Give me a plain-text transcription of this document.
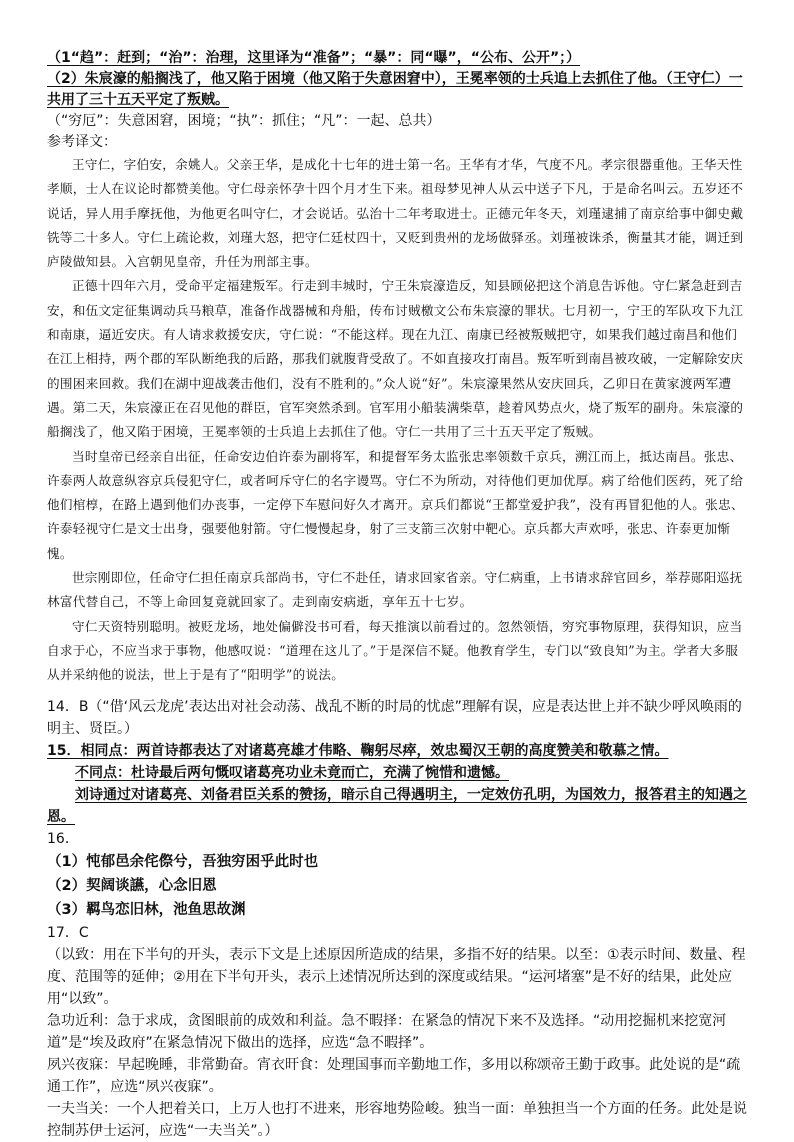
（1“趋”：赶到；“治”：治理，这里译为“准备”；“暴”：同“曝”，“公布、公开”；）

（2）朱宸濠的船搁浅了，他又陷于困境（他又陷于失意困窘中），王冕率领的士兵追上去抓住了他。（王守仁）一共用了三十五天平定了叛贼。

（“穷厄”：失意困窘，困境；“执”：抓住；“凡”：一起、总共）

参考译文：

王守仁，字伯安，余姚人。父亲王华，是成化十七年的进士第一名。王华有才华，气度不凡。孝宗很器重他。王华天性孝顺，士人在议论时都赞美他。守仁母亲怀孕十四个月才生下来。祖母梦见神人从云中送子下凡，于是命名叫云。五岁还不说话，异人用手摩抚他，为他更名叫守仁，才会说话。弘治十二年考取进士。正德元年冬天，刘瑾逮捕了南京给事中御史戴铣等二十多人。守仁上疏论救，刘瑾大怒，把守仁廷杖四十，又贬到贵州的龙场做驿丞。刘瑾被诛杀，衡量其才能，调迁到庐陵做知县。入宫朝见皇帝，升任为刑部主事。

正德十四年六月，受命平定福建叛军。行走到丰城时，宁王朱宸濠造反，知县顾佖把这个消息告诉他。守仁紧急赶到吉安，和伍文定征集调动兵马粮草，准备作战器械和舟船，传布讨贼檄文公布朱宸濠的罪状。七月初一，宁王的军队攻下九江和南康，逼近安庆。有人请求救援安庆，守仁说：“不能这样。现在九江、南康已经被叛贼把守，如果我们越过南昌和他们在江上相持，两个郡的军队断绝我的后路，那我们就腹背受敌了。不如直接攻打南昌。叛军听到南昌被攻破，一定解除安庆的围困来回救。我们在湖中迎战袭击他们，没有不胜利的。”众人说“好”。朱宸濠果然从安庆回兵，乙卯日在黄家渡两军遭遇。第二天，朱宸濠正在召见他的群臣，官军突然杀到。官军用小船装满柴草，趁着风势点火，烧了叛军的副舟。朱宸濠的船搁浅了，他又陷于困境，王冕率领的士兵追上去抓住了他。守仁一共用了三十五天平定了叛贼。

当时皇帝已经亲自出征，任命安边伯许泰为副将军，和提督军务太监张忠率领数千京兵，溯江而上，抵达南昌。张忠、许泰两人故意纵容京兵侵犯守仁，或者呵斥守仁的名字谩骂。守仁不为所动，对待他们更加优厚。病了给他们医药，死了给他们棺椁，在路上遇到他们办丧事，一定停下车慰问好久才离开。京兵们都说“王都堂爱护我”，没有再冒犯他的人。张忠、许泰轻视守仁是文士出身，强要他射箭。守仁慢慢起身，射了三支箭三次射中靶心。京兵都大声欢呼，张忠、许泰更加惭愧。

世宗刚即位，任命守仁担任南京兵部尚书，守仁不赴任，请求回家省亲。守仁病重，上书请求辞官回乡，举荐郧阳巡抚林富代替自己，不等上命回复竟就回家了。走到南安病逝，享年五十七岁。

守仁天资特别聪明。被贬龙场，地处偏僻没书可看，每天推演以前看过的。忽然领悟，穷究事物原理，获得知识，应当自求于心，不应当求于事物，他感叹说：“道理在这儿了。”于是深信不疑。他教育学生，专门以“致良知”为主。学者大多服从并采纳他的说法，世上于是有了“阳明学”的说法。

14．B（“借‘风云龙虎’表达出对社会动荡、战乱不断的时局的忧虑”理解有误，应是表达世上并不缺少呼风唤雨的明主、贤臣。）

15．相同点：两首诗都表达了对诸葛亮雄才伟略、鞠躬尽瘁，效忠蜀汉王朝的高度赞美和敬慕之情。

不同点：杜诗最后两句慨叹诸葛亮功业未竟而亡，充满了惋惜和遗憾。

刘诗通过对诸葛亮、刘备君臣关系的赞扬，暗示自己得遇明主，一定效仿孔明，为国效力，报答君主的知遇之恩。

16．

（1）忳郁邑余侘傺兮，吾独穷困乎此时也

（2）契阔谈讌，心念旧恩

（3）羁鸟恋旧林，池鱼思故渊

17．C

（以致：用在下半句的开头，表示下文是上述原因所造成的结果，多指不好的结果。以至：①表示时间、数量、程度、范围等的延伸；②用在下半句开头，表示上述情况所达到的深度或结果。“运河堵塞”是不好的结果，此处应用“以致”。

急功近利：急于求成，贪图眼前的成效和利益。急不暇择：在紧急的情况下来不及选择。“动用挖掘机来挖宽河道”是“埃及政府”在紧急情况下做出的选择，应选“急不暇择”。

夙兴夜寐：早起晚睡，非常勤奋。宵衣旰食：处理国事而辛勤地工作，多用以称颂帝王勤于政事。此处说的是“疏通工作”，应选“夙兴夜寐”。

一夫当关：一个人把着关口，上万人也打不进来，形容地势险峻。独当一面：单独担当一个方面的任务。此处是说控制苏伊士运河，应选“一夫当关”。）
